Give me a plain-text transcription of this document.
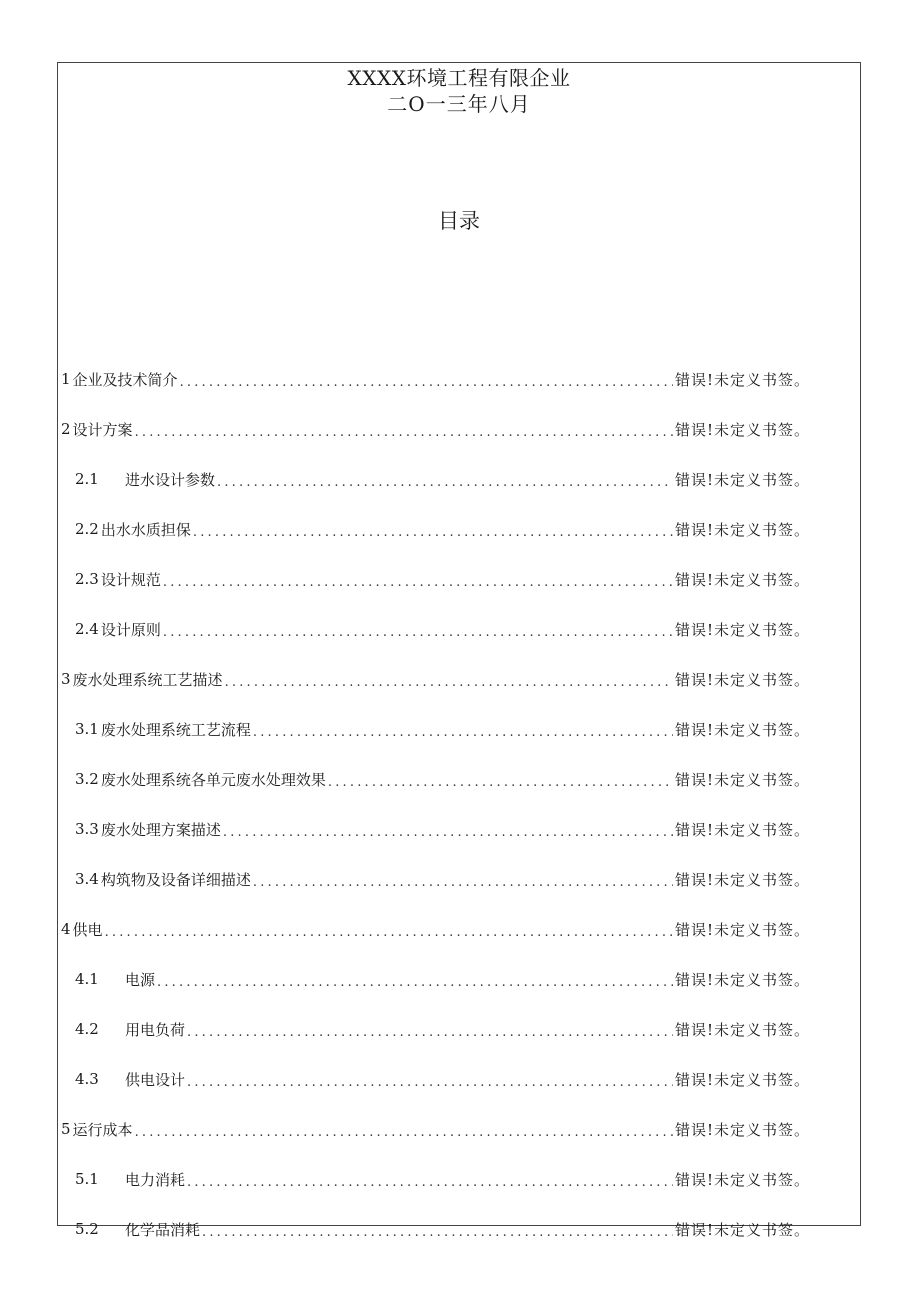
XXXX环境工程有限企业
二O一三年八月
目录
1 企业及技术简介 .....	错误!未定义书签。
2 设计方案 .....	错误!未定义书签。
2.1	进水设计参数 .....	错误!未定义书签。
2.2 出水水质担保 .....	错误!未定义书签。
2.3 设计规范 .....	错误!未定义书签。
2.4 设计原则 .....	错误!未定义书签。
3 废水处理系统工艺描述 .....	错误!未定义书签。
3.1 废水处理系统工艺流程 .....	错误!未定义书签。
3.2 废水处理系统各单元废水处理效果 .....	错误!未定义书签。
3.3 废水处理方案描述 .....	错误!未定义书签。
3.4 构筑物及设备详细描述 .....	错误!未定义书签。
4 供电 .....	错误!未定义书签。
4.1	电源 .....	错误!未定义书签。
4.2	用电负荷 .....	错误!未定义书签。
4.3	供电设计 .....	错误!未定义书签。
5 运行成本 .....	错误!未定义书签。
5.1	电力消耗 .....	错误!未定义书签。
5.2	化学品消耗 .....	错误!未定义书签。
